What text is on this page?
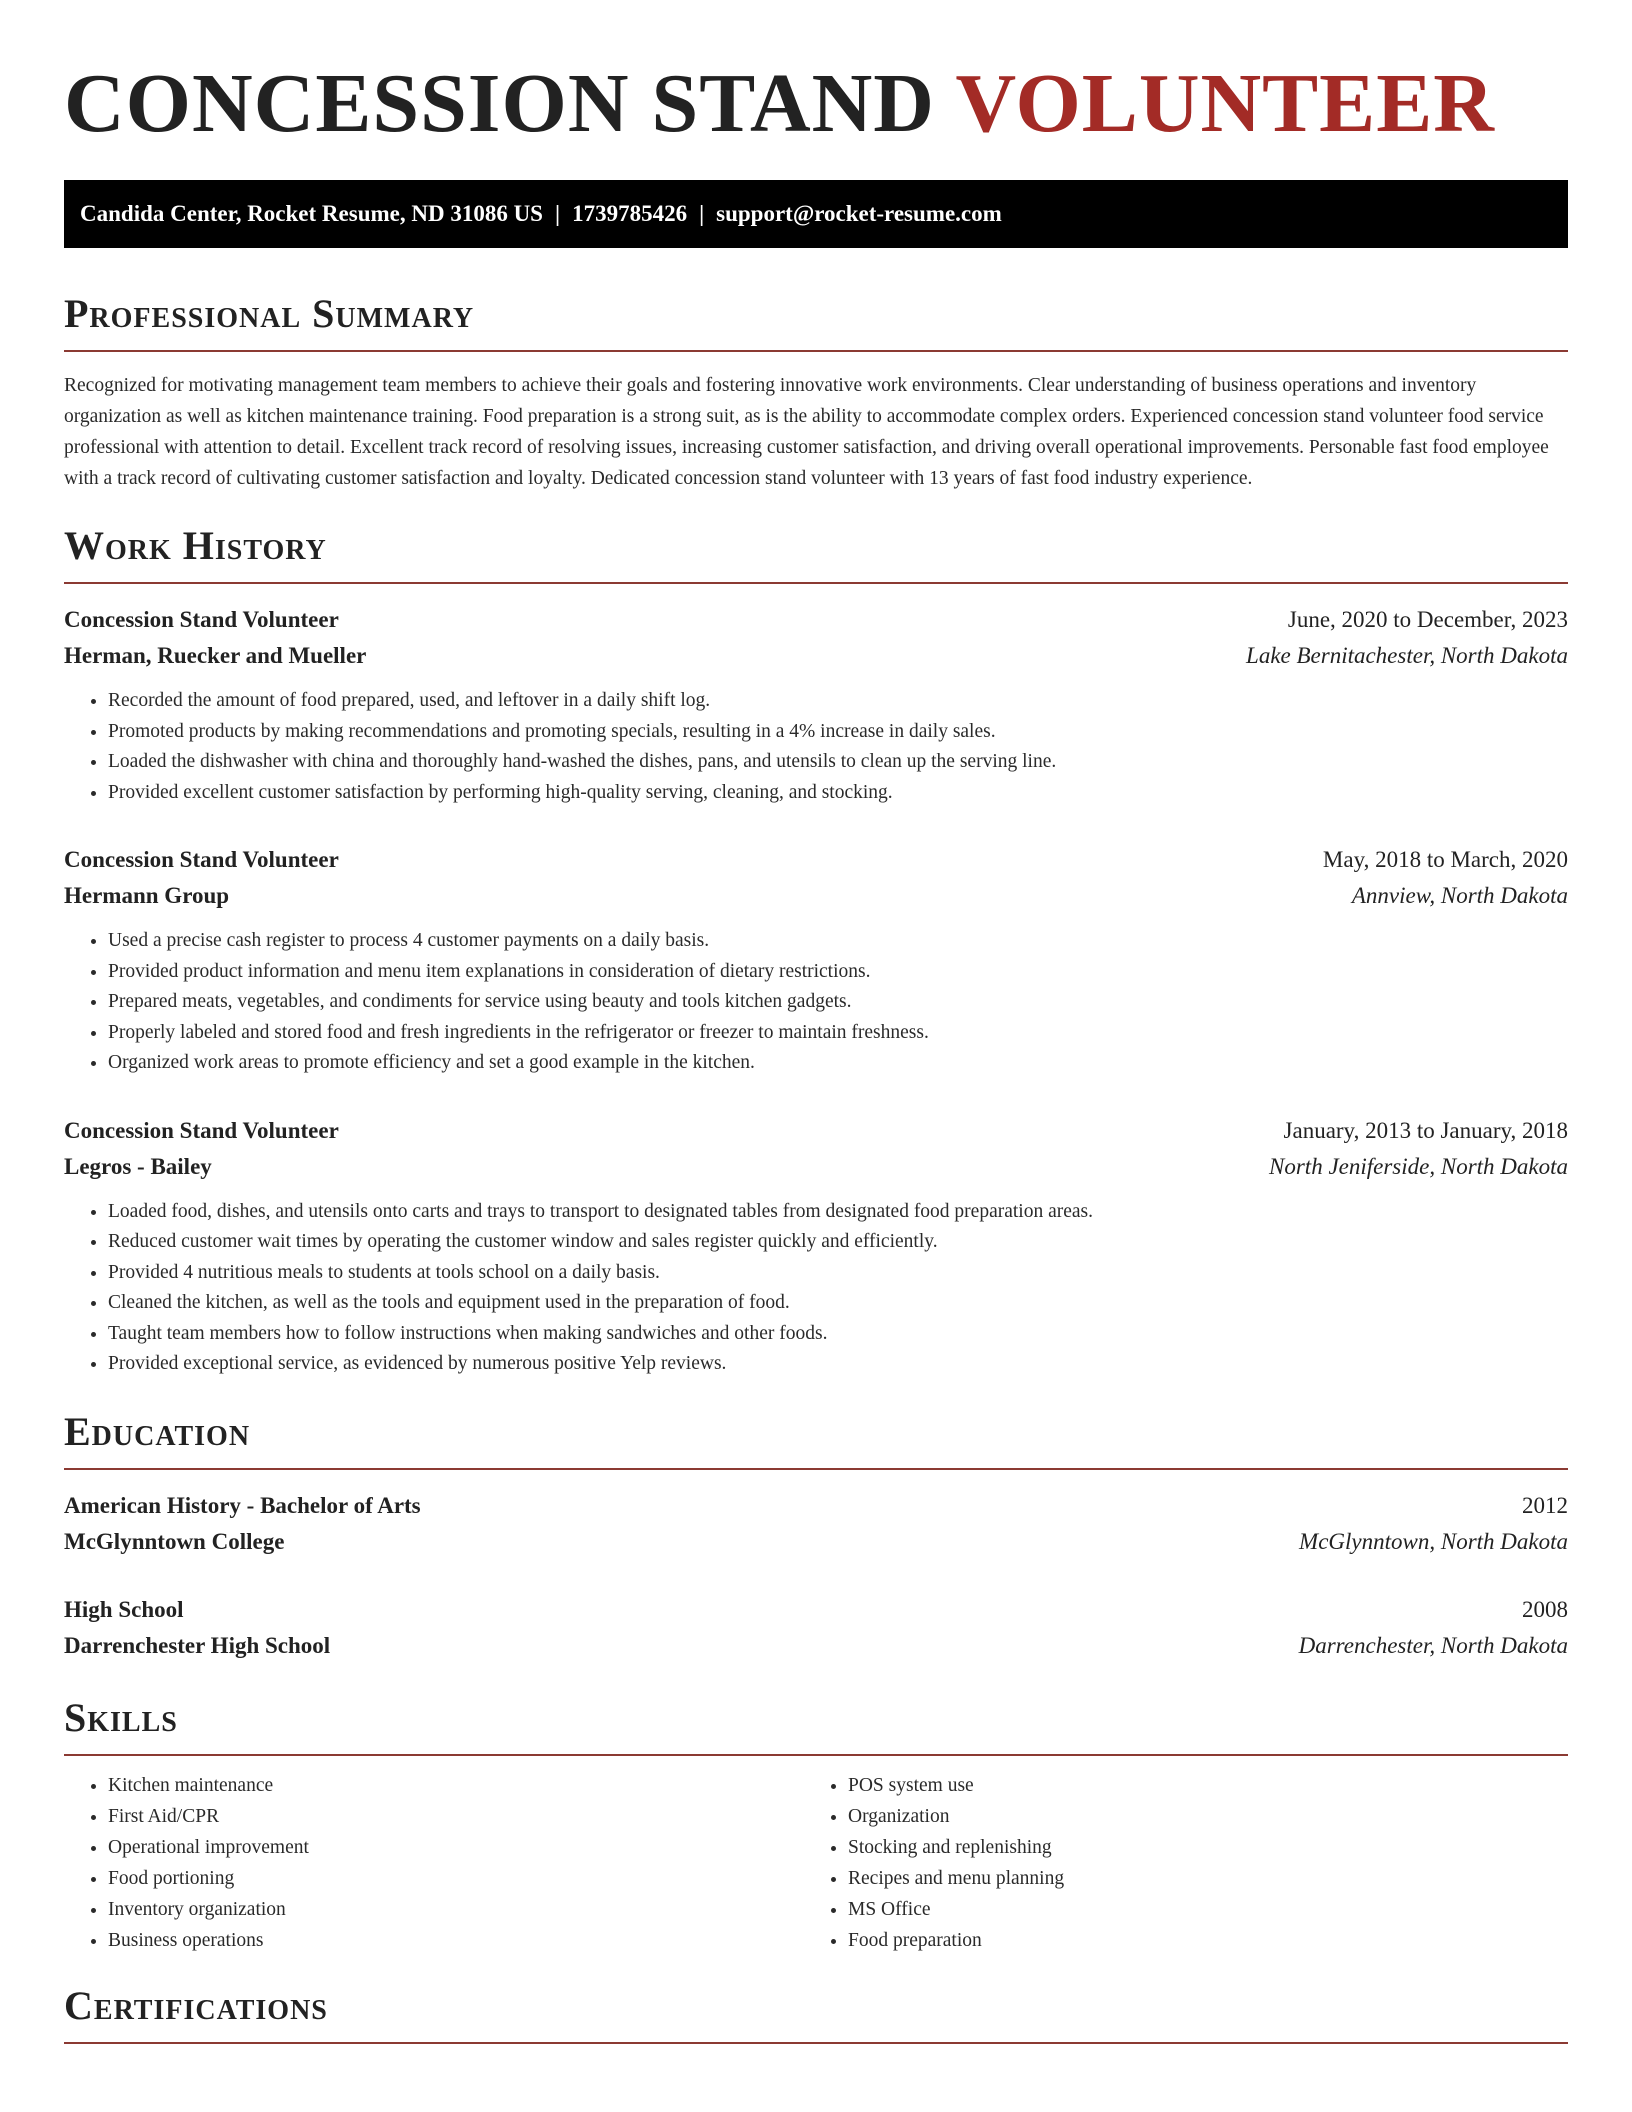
CONCESSION STAND VOLUNTEER
Candida Center, Rocket Resume, ND 31086 US | 1739785426 | support@rocket-resume.com
Professional Summary

Recognized for motivating management team members to achieve their goals and fostering innovative work environments. Clear understanding of business operations and inventory organization as well as kitchen maintenance training. Food preparation is a strong suit, as is the ability to accommodate complex orders. Experienced concession stand volunteer food service professional with attention to detail. Excellent track record of resolving issues, increasing customer satisfaction, and driving overall operational improvements. Personable fast food employee with a track record of cultivating customer satisfaction and loyalty. Dedicated concession stand volunteer with 13 years of fast food industry experience.

Work History
Concession Stand Volunteer	June, 2020 to December, 2023
Herman, Ruecker and Mueller	Lake Bernitachester, North Dakota
• Recorded the amount of food prepared, used, and leftover in a daily shift log.
• Promoted products by making recommendations and promoting specials, resulting in a 4% increase in daily sales.
• Loaded the dishwasher with china and thoroughly hand-washed the dishes, pans, and utensils to clean up the serving line.
• Provided excellent customer satisfaction by performing high-quality serving, cleaning, and stocking.
Concession Stand Volunteer	May, 2018 to March, 2020
Hermann Group	Annview, North Dakota
• Used a precise cash register to process 4 customer payments on a daily basis.
• Provided product information and menu item explanations in consideration of dietary restrictions.
• Prepared meats, vegetables, and condiments for service using beauty and tools kitchen gadgets.
• Properly labeled and stored food and fresh ingredients in the refrigerator or freezer to maintain freshness.
• Organized work areas to promote efficiency and set a good example in the kitchen.
Concession Stand Volunteer	January, 2013 to January, 2018
Legros - Bailey	North Jeniferside, North Dakota
• Loaded food, dishes, and utensils onto carts and trays to transport to designated tables from designated food preparation areas.
• Reduced customer wait times by operating the customer window and sales register quickly and efficiently.
• Provided 4 nutritious meals to students at tools school on a daily basis.
• Cleaned the kitchen, as well as the tools and equipment used in the preparation of food.
• Taught team members how to follow instructions when making sandwiches and other foods.
• Provided exceptional service, as evidenced by numerous positive Yelp reviews.
Education
American History - Bachelor of Arts	2012
McGlynntown College	McGlynntown, North Dakota
High School	2008
Darrenchester High School	Darrenchester, North Dakota
Skills
• Kitchen maintenance
• First Aid/CPR
• Operational improvement
• Food portioning
• Inventory organization
• Business operations
• POS system use
• Organization
• Stocking and replenishing
• Recipes and menu planning
• MS Office
• Food preparation
Certifications
